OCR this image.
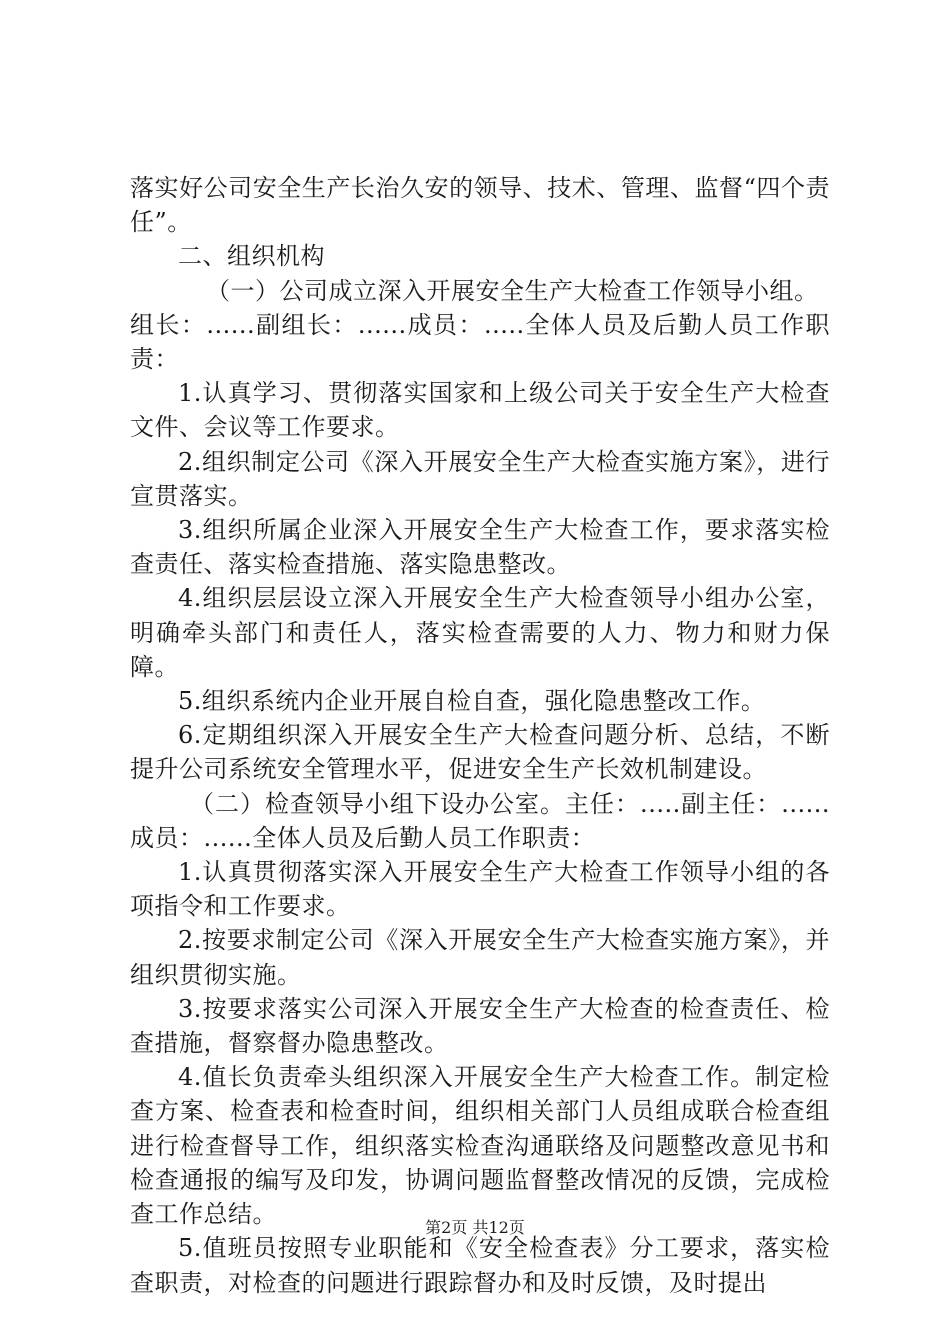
落实好公司安全生产长治久安的领导、技术、管理、监督“四个责任”。

二、组织机构

（一）公司成立深入开展安全生产大检查工作领导小组。

组长：......副组长：......成员：.....全体人员及后勤人员工作职责：

1.认真学习、贯彻落实国家和上级公司关于安全生产大检查文件、会议等工作要求。

2.组织制定公司《深入开展安全生产大检查实施方案》，进行宣贯落实。

3.组织所属企业深入开展安全生产大检查工作，要求落实检查责任、落实检查措施、落实隐患整改。

4.组织层层设立深入开展安全生产大检查领导小组办公室，明确牵头部门和责任人，落实检查需要的人力、物力和财力保障。

5.组织系统内企业开展自检自查，强化隐患整改工作。

6.定期组织深入开展安全生产大检查问题分析、总结，不断提升公司系统安全管理水平，促进安全生产长效机制建设。

（二）检查领导小组下设办公室。主任：.....副主任：......成员：......全体人员及后勤人员工作职责：

1.认真贯彻落实深入开展安全生产大检查工作领导小组的各项指令和工作要求。

2.按要求制定公司《深入开展安全生产大检查实施方案》，并组织贯彻实施。

3.按要求落实公司深入开展安全生产大检查的检查责任、检查措施，督察督办隐患整改。

4.值长负责牵头组织深入开展安全生产大检查工作。制定检查方案、检查表和检查时间，组织相关部门人员组成联合检查组进行检查督导工作，组织落实检查沟通联络及问题整改意见书和检查通报的编写及印发，协调问题监督整改情况的反馈，完成检查工作总结。

5.值班员按照专业职能和《安全检查表》分工要求，落实检查职责，对检查的问题进行跟踪督办和及时反馈，及时提出

第2页 共12页
